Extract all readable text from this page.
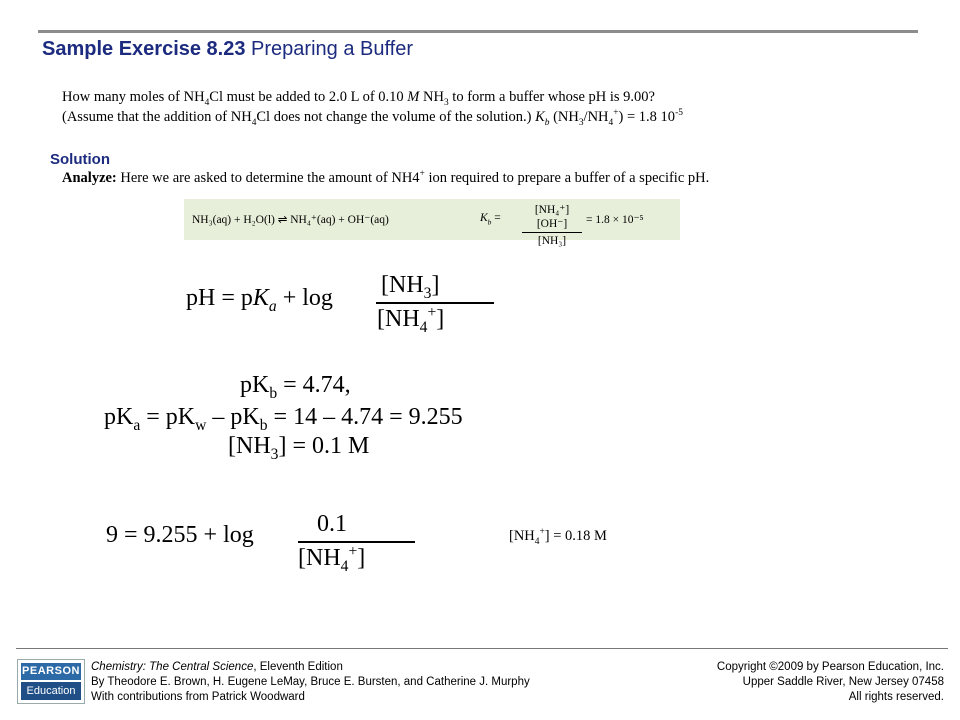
Sample Exercise 8.23 Preparing a Buffer
How many moles of $NH_4Cl$ must be added to 2.0 L of 0.10 M $NH_3$ to form a buffer whose pH is 9.00?
(Assume that the addition of $NH_4Cl$ does not change the volume of the solution.) $K_b$ $(NH_3/NH_4^+) = 1.8$ $10^{-5}$
Solution
Analyze: Here we are asked to determine the amount of NH4+ ion required to prepare a buffer of a specific pH.
NH₃(aq) + H₂O(l) ⇌ NH₄⁺(aq) + OH⁻(aq)	$K_b$ =
[NH₄⁺][OH⁻]
[NH₃]
= 1.8 × 10⁻⁵
pH = $pK_a + \log [NH_3]$
$[NH_4^+]$
$pK_b = 4.74$,
$pK_a = pK_w - pK_b = 14 - 4.74 = 9.255$
$[NH_3] = 0.1$ M
9 = 9.255 + log	0.1
$[NH_4^+]$
$[NH_4^+] = 0.18$ M
PEARSON
Education
Chemistry: The Central Science, Eleventh Edition
By Theodore E. Brown, H. Eugene LeMay, Bruce E. Bursten, and Catherine J. Murphy
With contributions from Patrick Woodward
Copyright ©2009 by Pearson Education, Inc.
Upper Saddle River, New Jersey 07458
All rights reserved.
